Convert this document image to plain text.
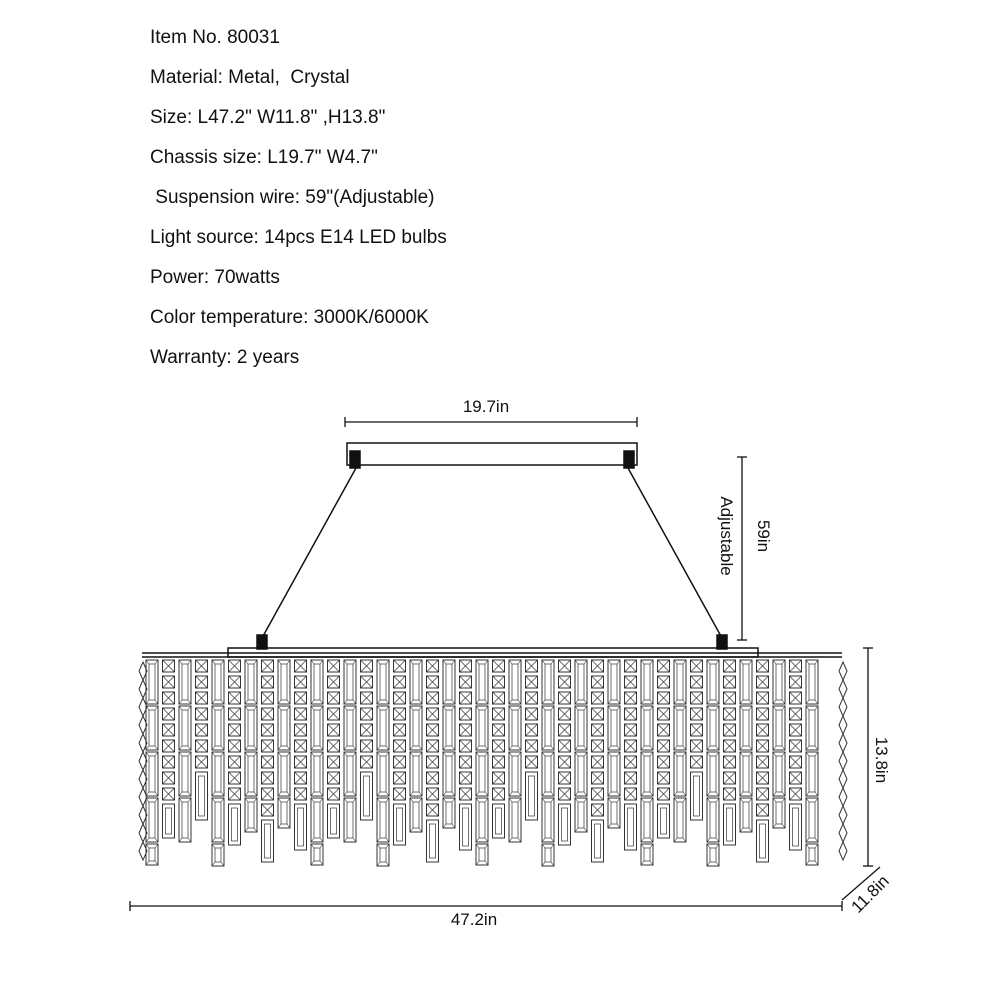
Item No. 80031
Material: Metal,  Crystal
Size: L47.2" W11.8" ,H13.8"
Chassis size: L19.7" W4.7"
Suspension wire: 59"(Adjustable)
Light source: 14pcs E14 LED bulbs
Power: 70watts
Color temperature: 3000K/6000K
Warranty: 2 years
19.7in
59in
Adjustable
13.8in
47.2in
11.8in
